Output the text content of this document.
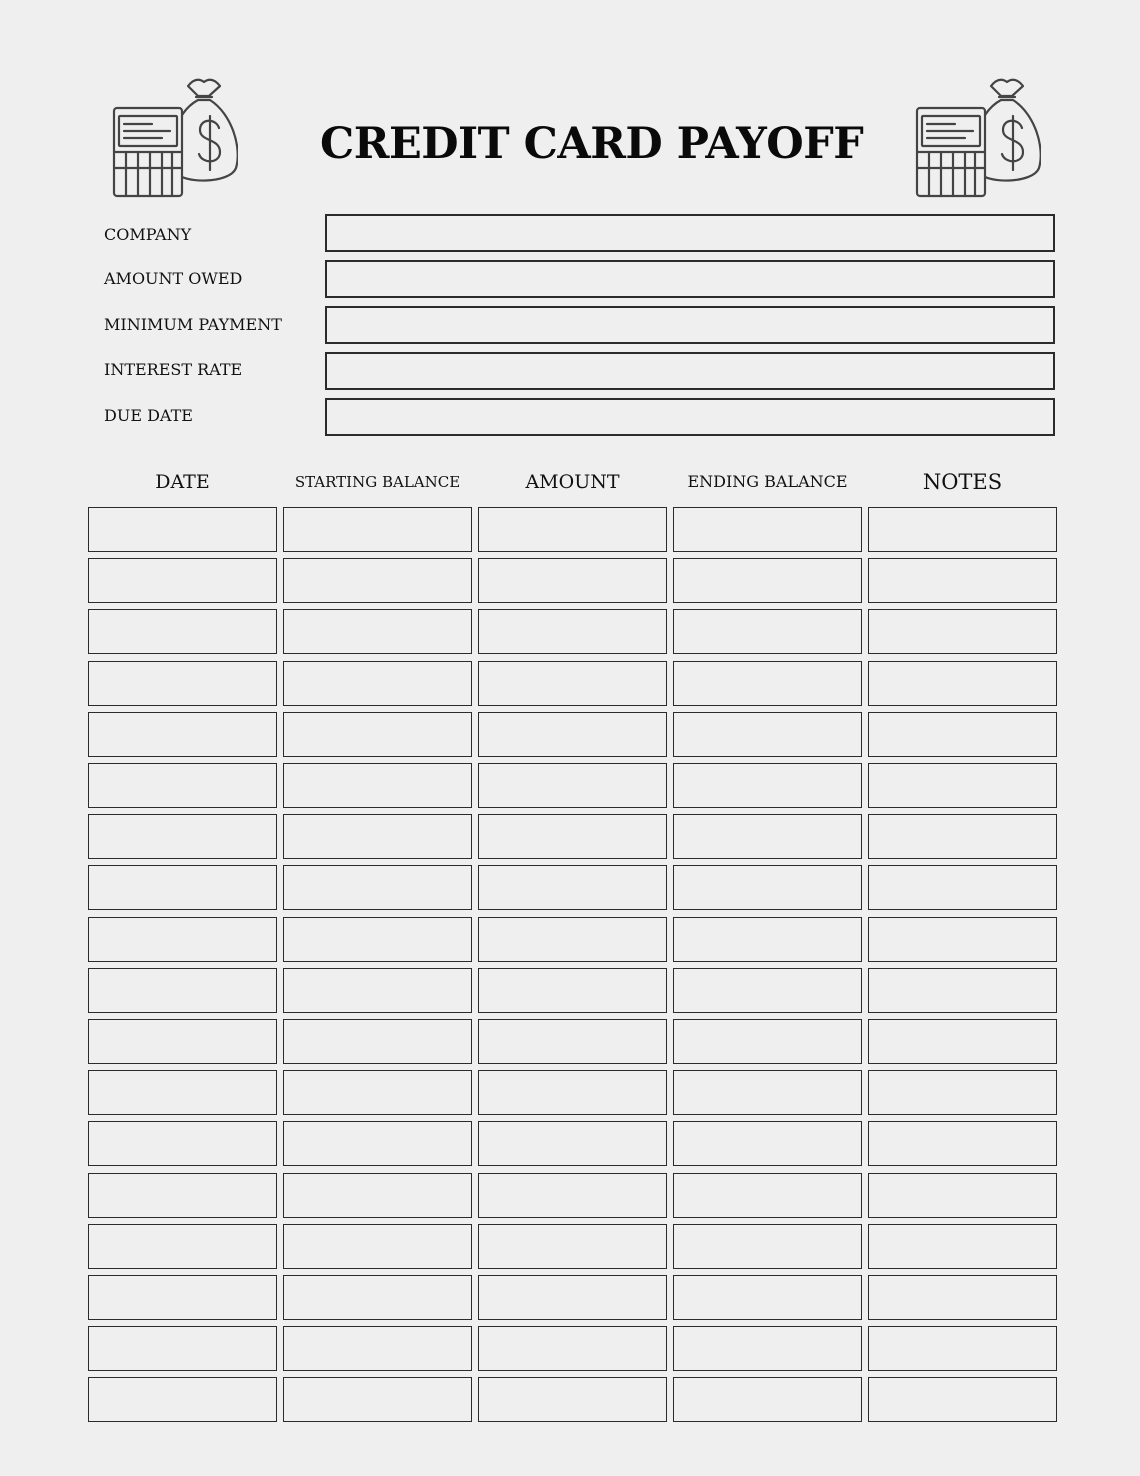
CREDIT CARD PAYOFF
COMPANY
AMOUNT OWED
MINIMUM PAYMENT
INTEREST RATE
DUE DATE
DATE	STARTING BALANCE	AMOUNT	ENDING BALANCE	NOTES
